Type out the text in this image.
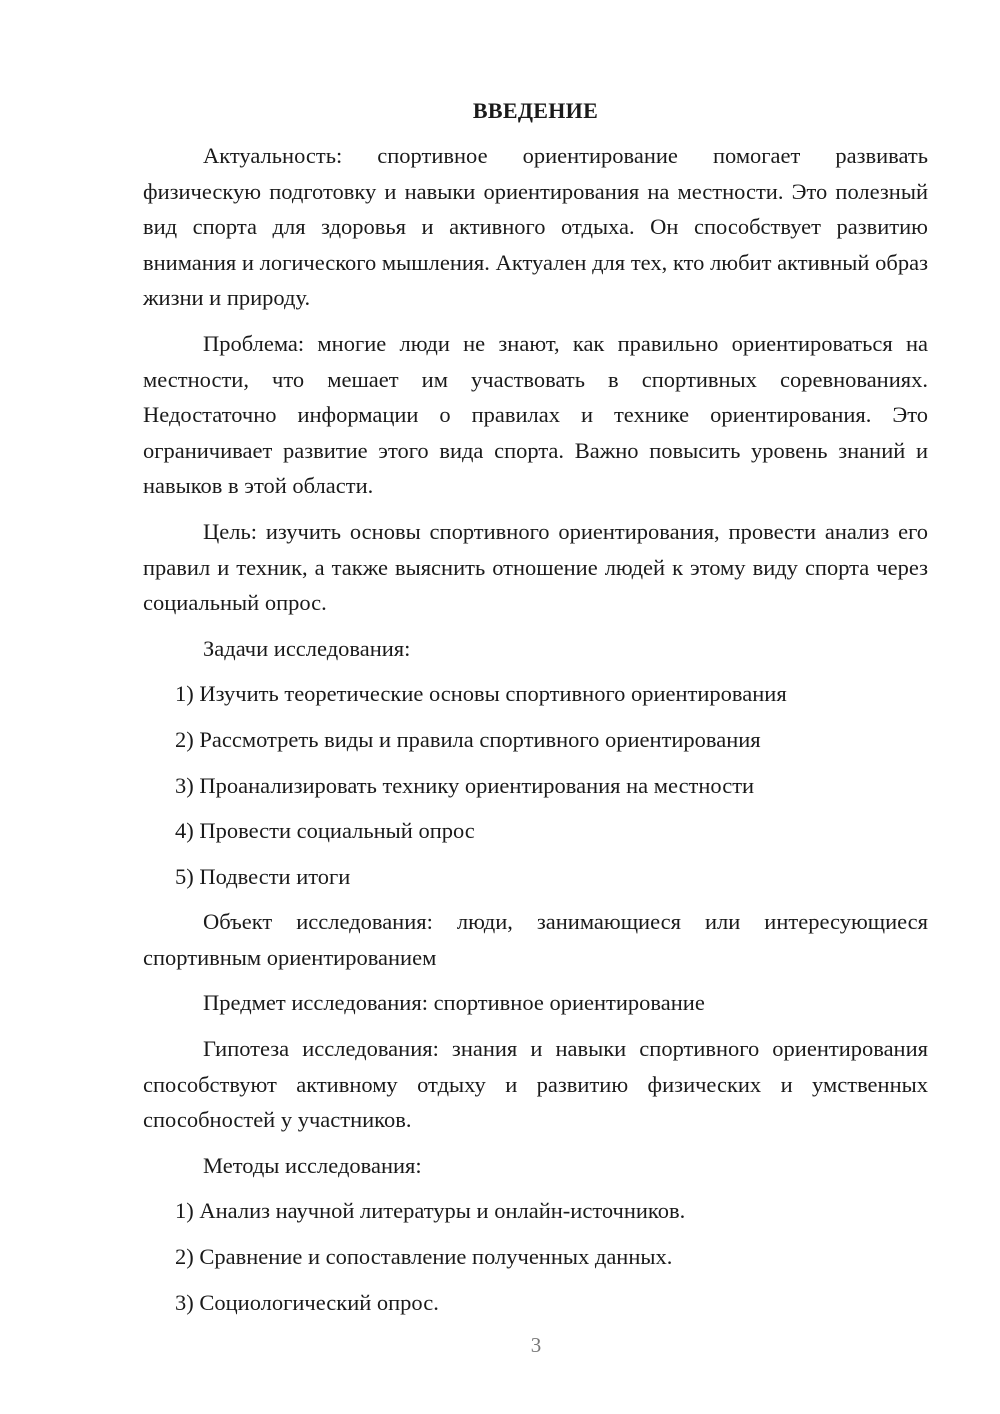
ВВЕДЕНИЕ

Актуальность: спортивное ориентирование помогает развивать физическую подготовку и навыки ориентирования на местности. Это полезный вид спорта для здоровья и активного отдыха. Он способствует развитию внимания и логического мышления. Актуален для тех, кто любит активный образ жизни и природу.

Проблема: многие люди не знают, как правильно ориентироваться на местности, что мешает им участвовать в спортивных соревнованиях. Недостаточно информации о правилах и технике ориентирования. Это ограничивает развитие этого вида спорта. Важно повысить уровень знаний и навыков в этой области.

Цель: изучить основы спортивного ориентирования, провести анализ его правил и техник, а также выяснить отношение людей к этому виду спорта через социальный опрос.

Задачи исследования:

1) Изучить теоретические основы спортивного ориентирования
2) Рассмотреть виды и правила спортивного ориентирования
3) Проанализировать технику ориентирования на местности
4) Провести социальный опрос
5) Подвести итоги

Объект исследования: люди, занимающиеся или интересующиеся спортивным ориентированием

Предмет исследования: спортивное ориентирование

Гипотеза исследования: знания и навыки спортивного ориентирования способствуют активному отдыху и развитию физических и умственных способностей у участников.

Методы исследования:

1) Анализ научной литературы и онлайн-источников.
2) Сравнение и сопоставление полученных данных.
3) Социологический опрос.
3
